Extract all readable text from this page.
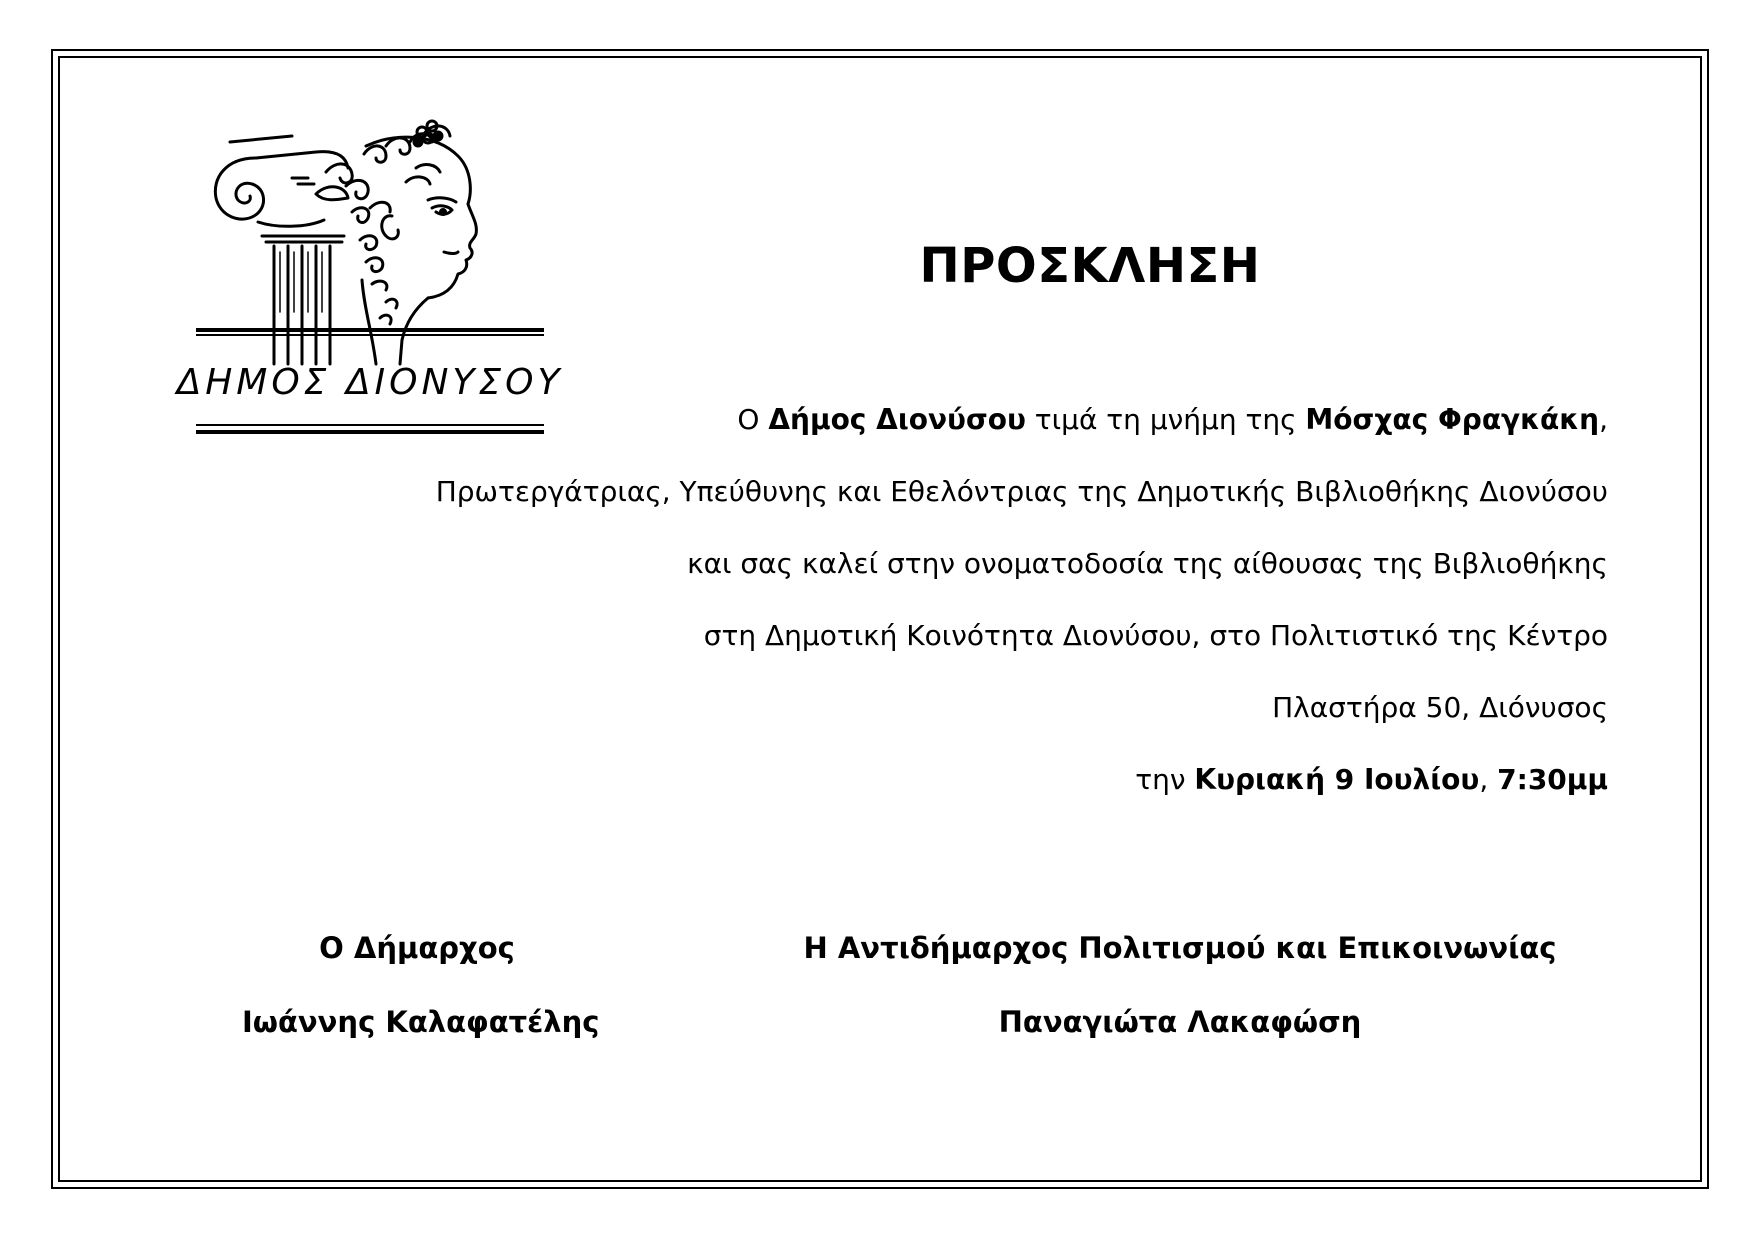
ΔΗΜΟΣ ΔΙΟΝΥΣΟΥ
ΠΡΟΣΚΛΗΣΗ
Ο Δήμος Διονύσου τιμά τη μνήμη της Μόσχας Φραγκάκη,
Πρωτεργάτριας, Υπεύθυνης και Εθελόντριας της Δημοτικής Βιβλιοθήκης Διονύσου
και σας καλεί στην ονοματοδοσία της αίθουσας της Βιβλιοθήκης
στη Δημοτική Κοινότητα Διονύσου, στο Πολιτιστικό της Κέντρο
Πλαστήρα 50, Διόνυσος
την Κυριακή 9 Ιουλίου, 7:30μμ
Ο Δήμαρχος
Ιωάννης Καλαφατέλης
Η Αντιδήμαρχος Πολιτισμού και Επικοινωνίας
Παναγιώτα Λακαφώση
